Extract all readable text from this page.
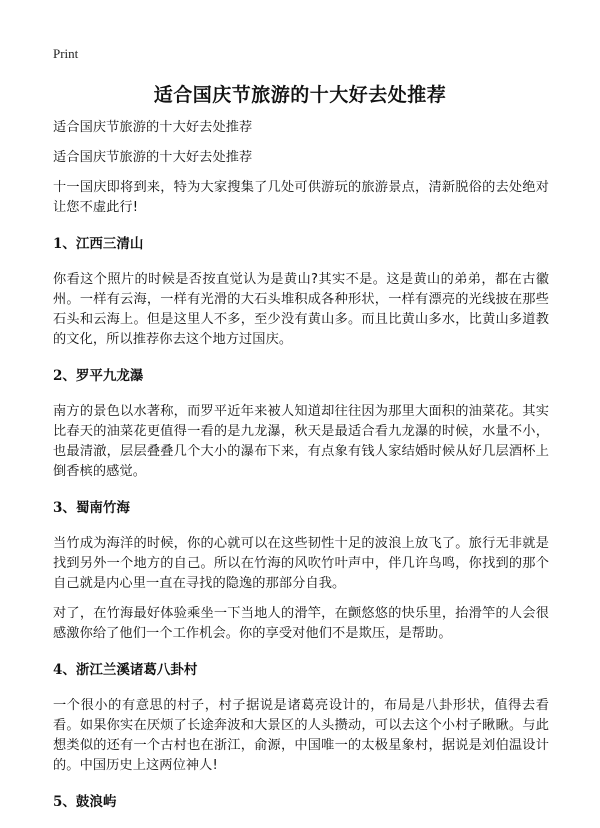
Print
适合国庆节旅游的十大好去处推荐

适合国庆节旅游的十大好去处推荐

适合国庆节旅游的十大好去处推荐

十一国庆即将到来，特为大家搜集了几处可供游玩的旅游景点，清新脱俗的去处绝对让您不虚此行!

1、江西三清山

你看这个照片的时候是否按直觉认为是黄山?其实不是。这是黄山的弟弟，都在古徽州。一样有云海，一样有光滑的大石头堆积成各种形状，一样有漂亮的光线披在那些石头和云海上。但是这里人不多，至少没有黄山多。而且比黄山多水，比黄山多道教的文化，所以推荐你去这个地方过国庆。

2、罗平九龙瀑

南方的景色以水著称，而罗平近年来被人知道却往往因为那里大面积的油菜花。其实比春天的油菜花更值得一看的是九龙瀑，秋天是最适合看九龙瀑的时候，水量不小，也最清澈，层层叠叠几个大小的瀑布下来，有点象有钱人家结婚时候从好几层酒杯上倒香槟的感觉。

3、蜀南竹海

当竹成为海洋的时候，你的心就可以在这些韧性十足的波浪上放飞了。旅行无非就是找到另外一个地方的自己。所以在竹海的风吹竹叶声中，伴几许鸟鸣，你找到的那个自己就是内心里一直在寻找的隐逸的那部分自我。

对了，在竹海最好体验乘坐一下当地人的滑竿，在颤悠悠的快乐里，抬滑竿的人会很感激你给了他们一个工作机会。你的享受对他们不是欺压，是帮助。

4、浙江兰溪诸葛八卦村

一个很小的有意思的村子，村子据说是诸葛亮设计的，布局是八卦形状，值得去看看。如果你实在厌烦了长途奔波和大景区的人头攒动，可以去这个小村子瞅瞅。与此想类似的还有一个古村也在浙江，俞源，中国唯一的太极星象村，据说是刘伯温设计的。中国历史上这两位神人!

5、鼓浪屿
